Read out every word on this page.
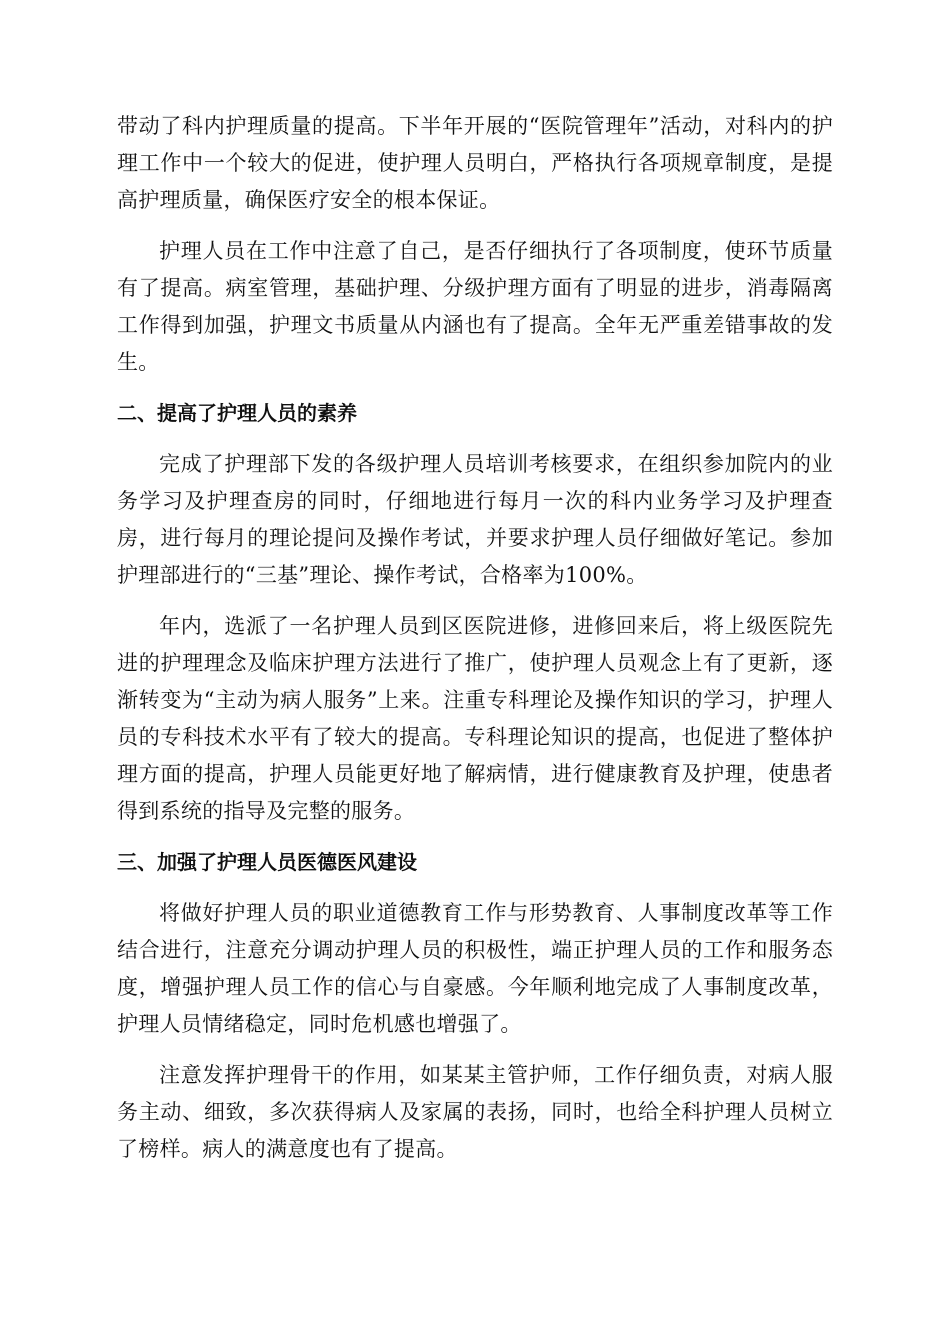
带动了科内护理质量的提高。下半年开展的“医院管理年”活动，对科内的护理工作中一个较大的促进，使护理人员明白，严格执行各项规章制度，是提高护理质量，确保医疗安全的根本保证。

护理人员在工作中注意了自己，是否仔细执行了各项制度，使环节质量有了提高。病室管理，基础护理、分级护理方面有了明显的进步，消毒隔离工作得到加强，护理文书质量从内涵也有了提高。全年无严重差错事故的发生。

二、提高了护理人员的素养

完成了护理部下发的各级护理人员培训考核要求，在组织参加院内的业务学习及护理查房的同时，仔细地进行每月一次的科内业务学习及护理查房，进行每月的理论提问及操作考试，并要求护理人员仔细做好笔记。参加护理部进行的“三基”理论、操作考试，合格率为100%。

年内，选派了一名护理人员到区医院进修，进修回来后，将上级医院先进的护理理念及临床护理方法进行了推广，使护理人员观念上有了更新，逐渐转变为“主动为病人服务”上来。注重专科理论及操作知识的学习，护理人员的专科技术水平有了较大的提高。专科理论知识的提高，也促进了整体护理方面的提高，护理人员能更好地了解病情，进行健康教育及护理，使患者得到系统的指导及完整的服务。

三、加强了护理人员医德医风建设

将做好护理人员的职业道德教育工作与形势教育、人事制度改革等工作结合进行，注意充分调动护理人员的积极性，端正护理人员的工作和服务态度，增强护理人员工作的信心与自豪感。今年顺利地完成了人事制度改革，护理人员情绪稳定，同时危机感也增强了。

注意发挥护理骨干的作用，如某某主管护师，工作仔细负责，对病人服务主动、细致，多次获得病人及家属的表扬，同时，也给全科护理人员树立了榜样。病人的满意度也有了提高。
